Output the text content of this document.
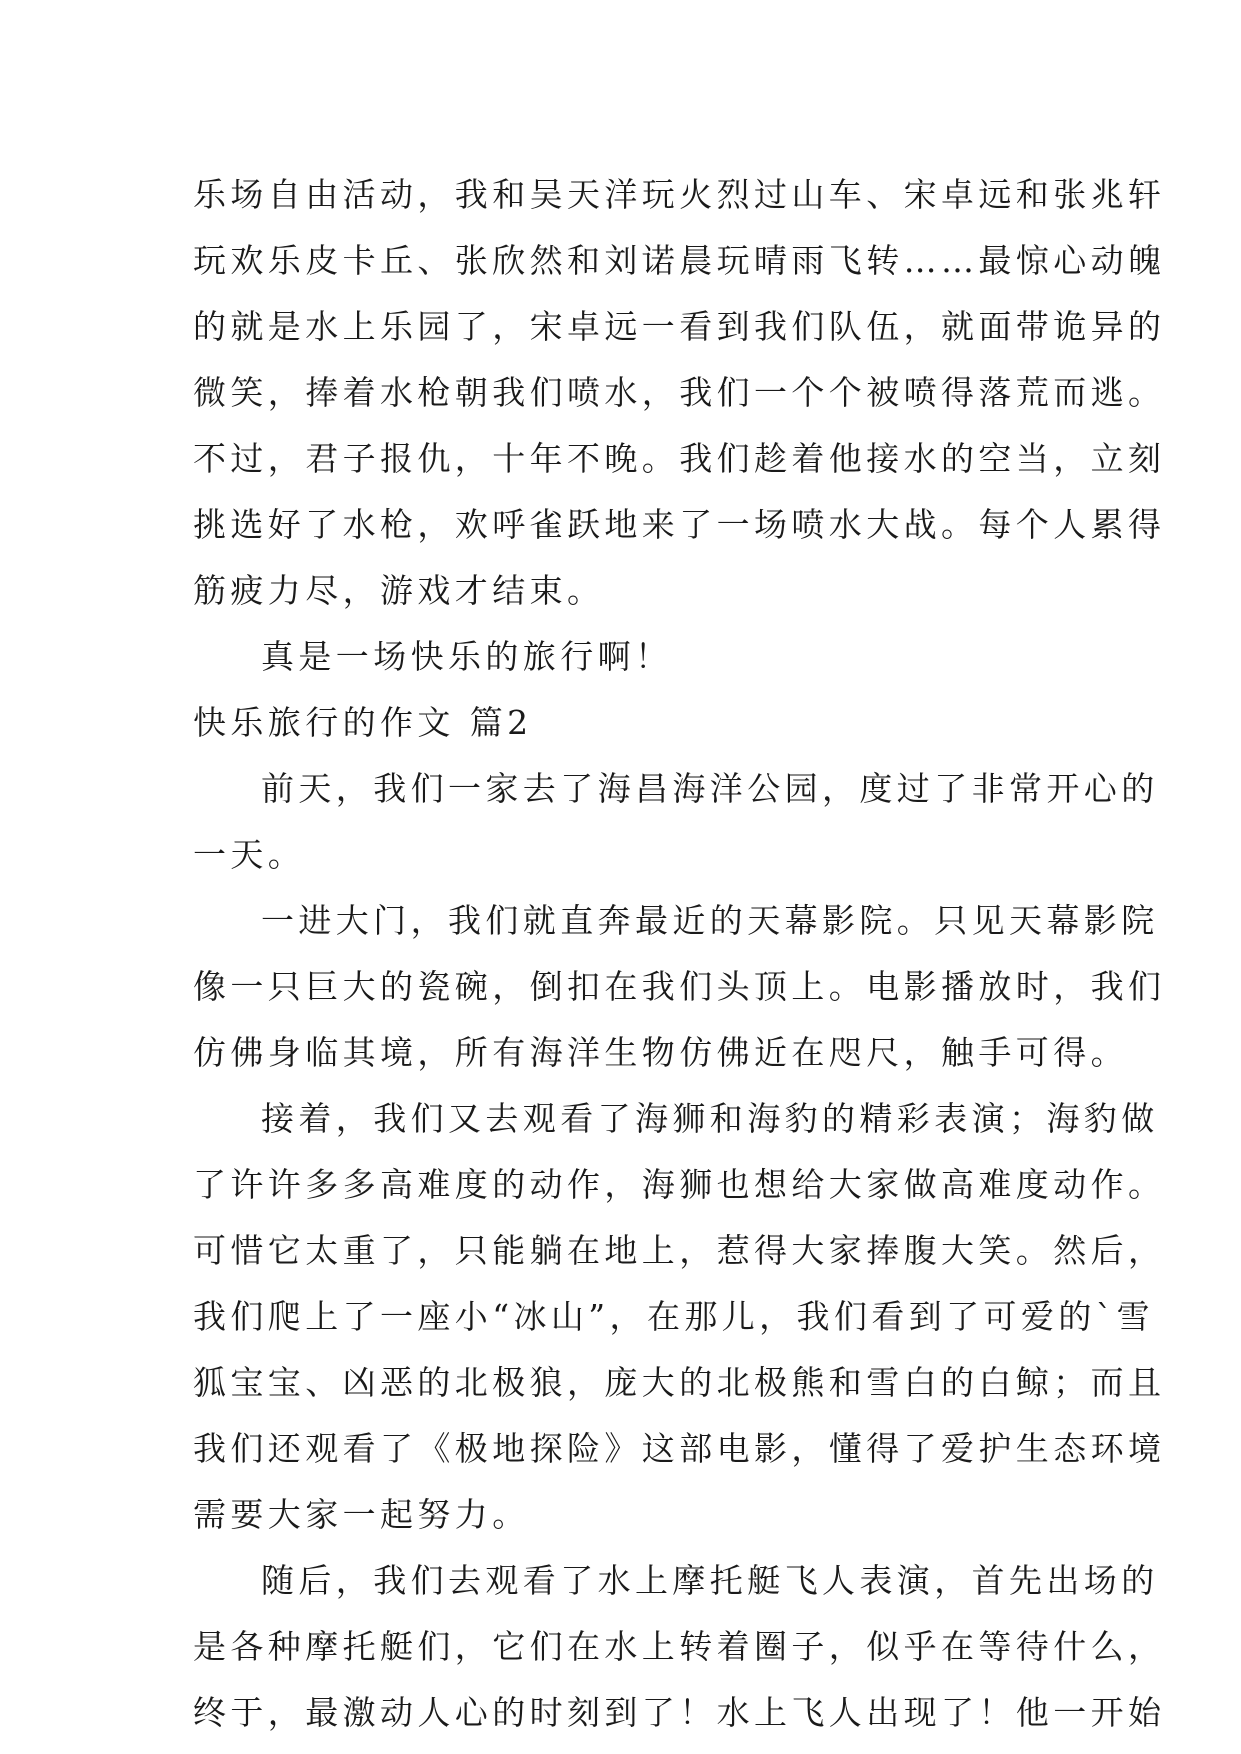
乐场自由活动，我和吴天洋玩火烈过山车、宋卓远和张兆轩

玩欢乐皮卡丘、张欣然和刘诺晨玩晴雨飞转……最惊心动魄

的就是水上乐园了，宋卓远一看到我们队伍，就面带诡异的

微笑，捧着水枪朝我们喷水，我们一个个被喷得落荒而逃。

不过，君子报仇，十年不晚。我们趁着他接水的空当，立刻

挑选好了水枪，欢呼雀跃地来了一场喷水大战。每个人累得

筋疲力尽，游戏才结束。

真是一场快乐的旅行啊！

快乐旅行的作文 篇2

前天，我们一家去了海昌海洋公园，度过了非常开心的

一天。

一进大门，我们就直奔最近的天幕影院。只见天幕影院

像一只巨大的瓷碗，倒扣在我们头顶上。电影播放时，我们

仿佛身临其境，所有海洋生物仿佛近在咫尺，触手可得。

接着，我们又去观看了海狮和海豹的精彩表演；海豹做

了许许多多高难度的动作，海狮也想给大家做高难度动作。

可惜它太重了，只能躺在地上，惹得大家捧腹大笑。然后，

我们爬上了一座小“冰山”，在那儿，我们看到了可爱的`雪

狐宝宝、凶恶的北极狼，庞大的北极熊和雪白的白鲸；而且

我们还观看了《极地探险》这部电影，懂得了爱护生态环境

需要大家一起努力。

随后，我们去观看了水上摩托艇飞人表演，首先出场的

是各种摩托艇们，它们在水上转着圈子，似乎在等待什么，

终于，最激动人心的时刻到了！水上飞人出现了！他一开始
